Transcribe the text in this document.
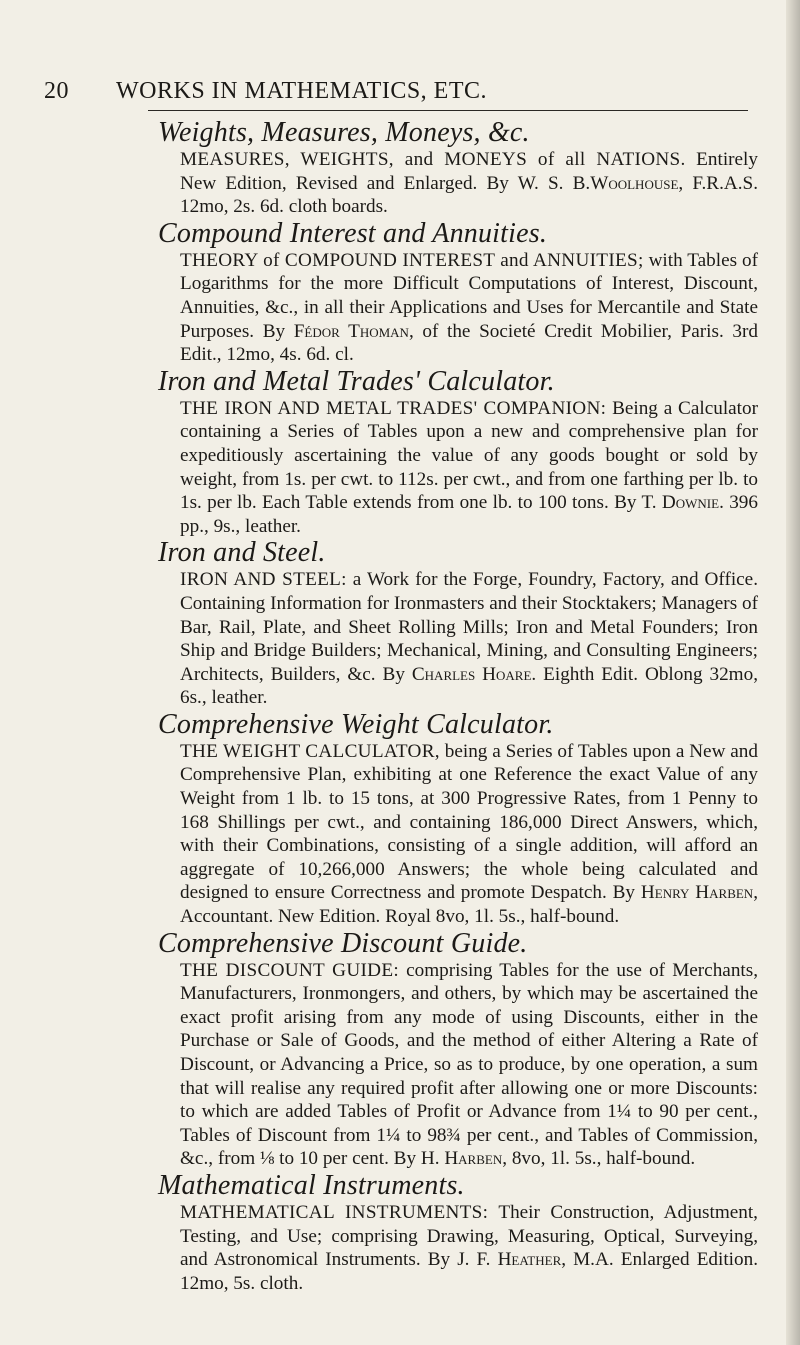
20 WORKS IN MATHEMATICS, ETC.

Weights, Measures, Moneys, &c.

MEASURES, WEIGHTS, and MONEYS of all NATIONS. Entirely New Edition, Revised and Enlarged. By W. S. B.Woolhouse, F.R.A.S. 12mo, 2s. 6d. cloth boards.

Compound Interest and Annuities.

THEORY of COMPOUND INTEREST and ANNUITIES; with Tables of Logarithms for the more Difficult Computations of Interest, Discount, Annuities, &c., in all their Applications and Uses for Mercantile and State Purposes. By Fédor Thoman, of the Societé Credit Mobilier, Paris. 3rd Edit., 12mo, 4s. 6d. cl.

Iron and Metal Trades' Calculator.

THE IRON AND METAL TRADES' COMPANION: Being a Calculator containing a Series of Tables upon a new and comprehensive plan for expeditiously ascertaining the value of any goods bought or sold by weight, from 1s. per cwt. to 112s. per cwt., and from one farthing per lb. to 1s. per lb. Each Table extends from one lb. to 100 tons. By T. Downie. 396 pp., 9s., leather.

Iron and Steel.

IRON AND STEEL: a Work for the Forge, Foundry, Factory, and Office. Containing Information for Ironmasters and their Stocktakers; Managers of Bar, Rail, Plate, and Sheet Rolling Mills; Iron and Metal Founders; Iron Ship and Bridge Builders; Mechanical, Mining, and Consulting Engineers; Architects, Builders, &c. By Charles Hoare. Eighth Edit. Oblong 32mo, 6s., leather.

Comprehensive Weight Calculator.

THE WEIGHT CALCULATOR, being a Series of Tables upon a New and Comprehensive Plan, exhibiting at one Reference the exact Value of any Weight from 1 lb. to 15 tons, at 300 Progressive Rates, from 1 Penny to 168 Shillings per cwt., and containing 186,000 Direct Answers, which, with their Combinations, consisting of a single addition, will afford an aggregate of 10,266,000 Answers; the whole being calculated and designed to ensure Correctness and promote Despatch. By Henry Harben, Accountant. New Edition. Royal 8vo, 1l. 5s., half-bound.

Comprehensive Discount Guide.

THE DISCOUNT GUIDE: comprising Tables for the use of Merchants, Manufacturers, Ironmongers, and others, by which may be ascertained the exact profit arising from any mode of using Discounts, either in the Purchase or Sale of Goods, and the method of either Altering a Rate of Discount, or Advancing a Price, so as to produce, by one operation, a sum that will realise any required profit after allowing one or more Discounts: to which are added Tables of Profit or Advance from 1¼ to 90 per cent., Tables of Discount from 1¼ to 98¾ per cent., and Tables of Commission, &c., from ⅛ to 10 per cent. By H. Harben, 8vo, 1l. 5s., half-bound.

Mathematical Instruments.

MATHEMATICAL INSTRUMENTS: Their Construction, Adjustment, Testing, and Use; comprising Drawing, Measuring, Optical, Surveying, and Astronomical Instruments. By J. F. Heather, M.A. Enlarged Edition. 12mo, 5s. cloth.
